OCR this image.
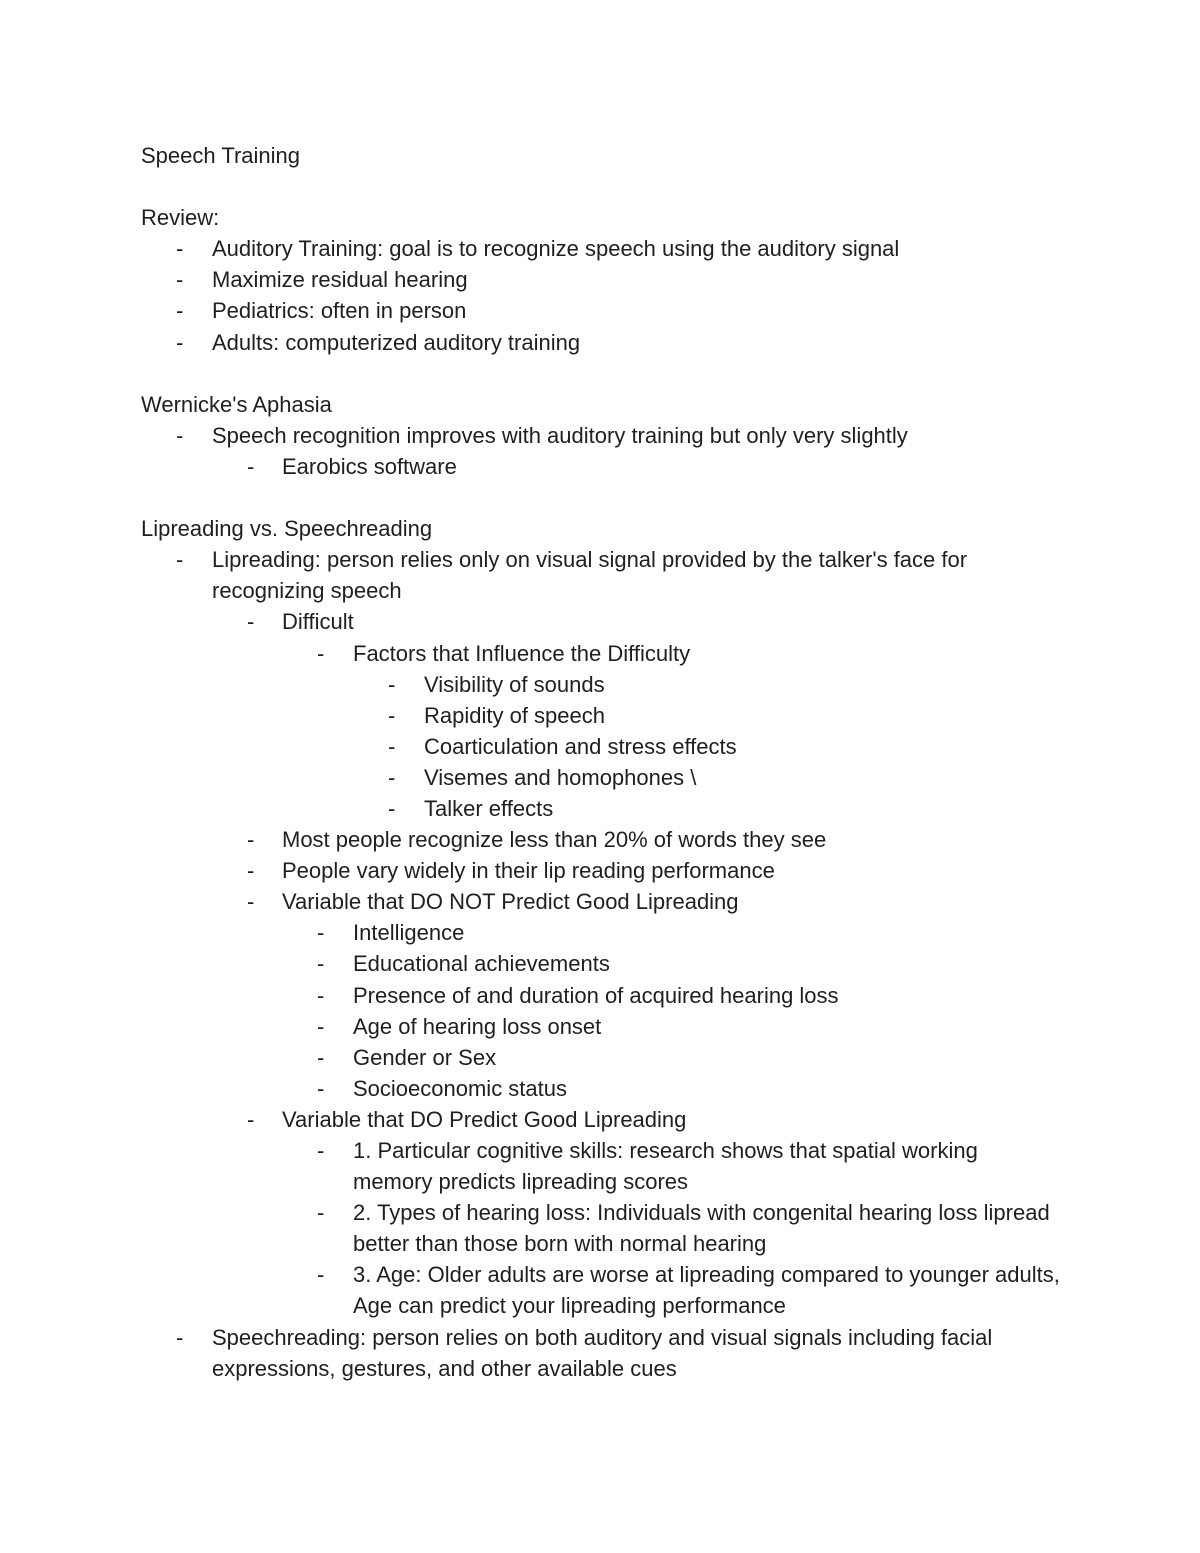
Speech Training
Review:
- Auditory Training: goal is to recognize speech using the auditory signal
- Maximize residual hearing
- Pediatrics: often in person
- Adults: computerized auditory training
Wernicke's Aphasia
- Speech recognition improves with auditory training but only very slightly
- Earobics software
Lipreading vs. Speechreading
- Lipreading: person relies only on visual signal provided by the talker's face for recognizing speech
- Difficult
- Factors that Influence the Difficulty
- Visibility of sounds
- Rapidity of speech
- Coarticulation and stress effects
- Visemes and homophones \
- Talker effects
- Most people recognize less than 20% of words they see
- People vary widely in their lip reading performance
- Variable that DO NOT Predict Good Lipreading
- Intelligence
- Educational achievements
- Presence of and duration of acquired hearing loss
- Age of hearing loss onset
- Gender or Sex
- Socioeconomic status
- Variable that DO Predict Good Lipreading
- 1. Particular cognitive skills: research shows that spatial working memory predicts lipreading scores
- 2. Types of hearing loss: Individuals with congenital hearing loss lipread better than those born with normal hearing
- 3. Age: Older adults are worse at lipreading compared to younger adults, Age can predict your lipreading performance
- Speechreading: person relies on both auditory and visual signals including facial expressions, gestures, and other available cues
